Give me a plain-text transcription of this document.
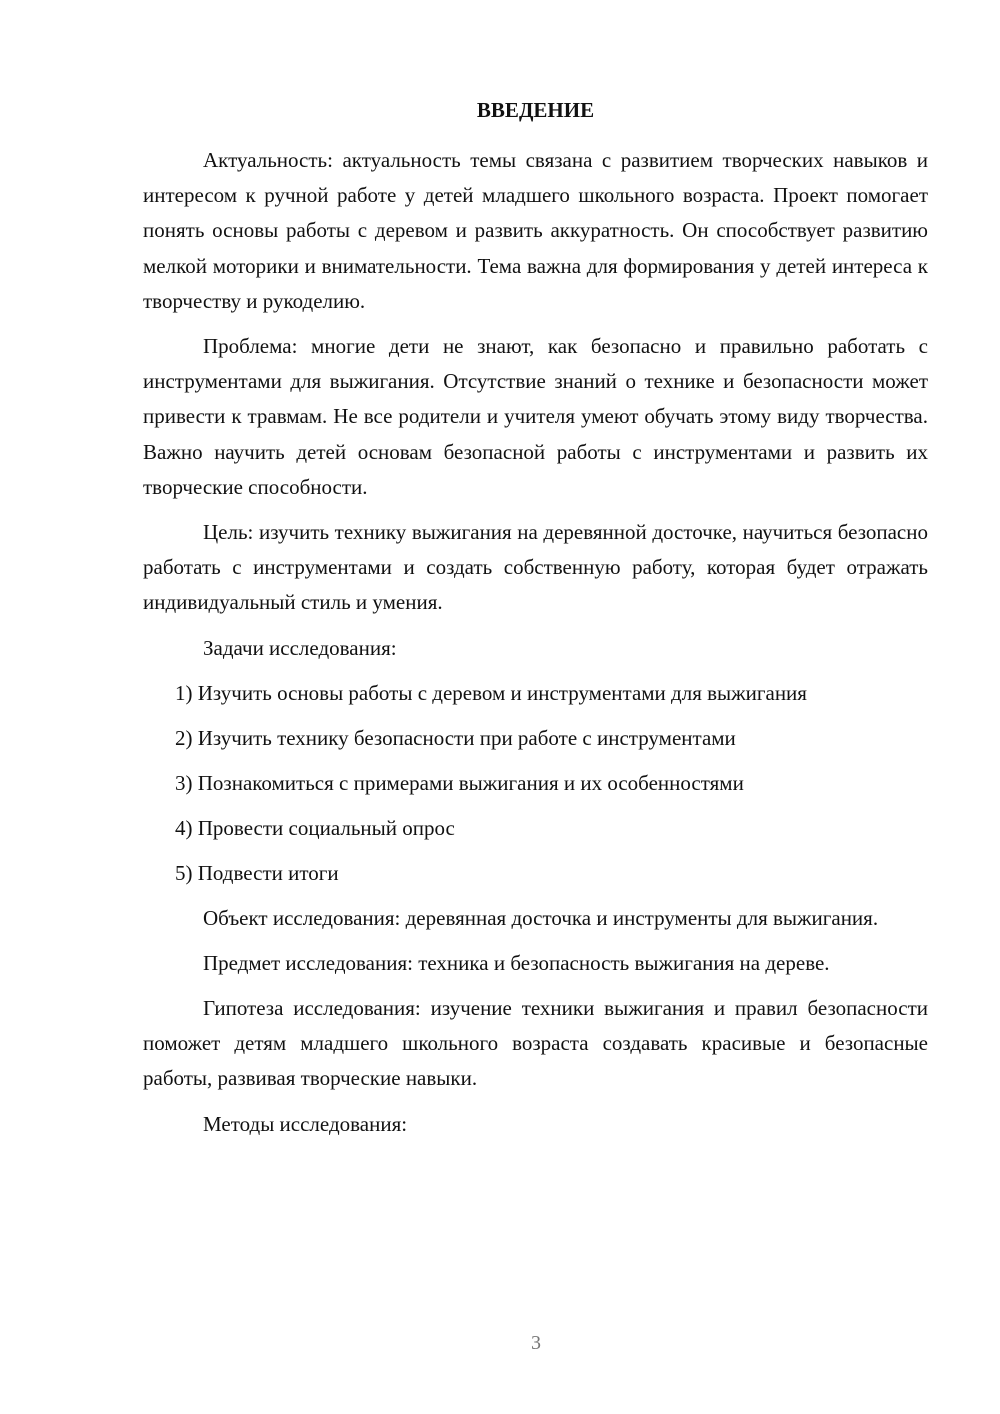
ВВЕДЕНИЕ

Актуальность: актуальность темы связана с развитием творческих навыков и интересом к ручной работе у детей младшего школьного возраста. Проект помогает понять основы работы с деревом и развить аккуратность. Он способствует развитию мелкой моторики и внимательности. Тема важна для формирования у детей интереса к творчеству и рукоделию.

Проблема: многие дети не знают, как безопасно и правильно работать с инструментами для выжигания. Отсутствие знаний о технике и безопасности может привести к травмам. Не все родители и учителя умеют обучать этому виду творчества. Важно научить детей основам безопасной работы с инструментами и развить их творческие способности.

Цель: изучить технику выжигания на деревянной досточке, научиться безопасно работать с инструментами и создать собственную работу, которая будет отражать индивидуальный стиль и умения.

Задачи исследования:

1) Изучить основы работы с деревом и инструментами для выжигания
2) Изучить технику безопасности при работе с инструментами
3) Познакомиться с примерами выжигания и их особенностями
4) Провести социальный опрос
5) Подвести итоги

Объект исследования: деревянная досточка и инструменты для выжигания.

Предмет исследования: техника и безопасность выжигания на дереве.

Гипотеза исследования: изучение техники выжигания и правил безопасности поможет детям младшего школьного возраста создавать красивые и безопасные работы, развивая творческие навыки.

Методы исследования:

3
